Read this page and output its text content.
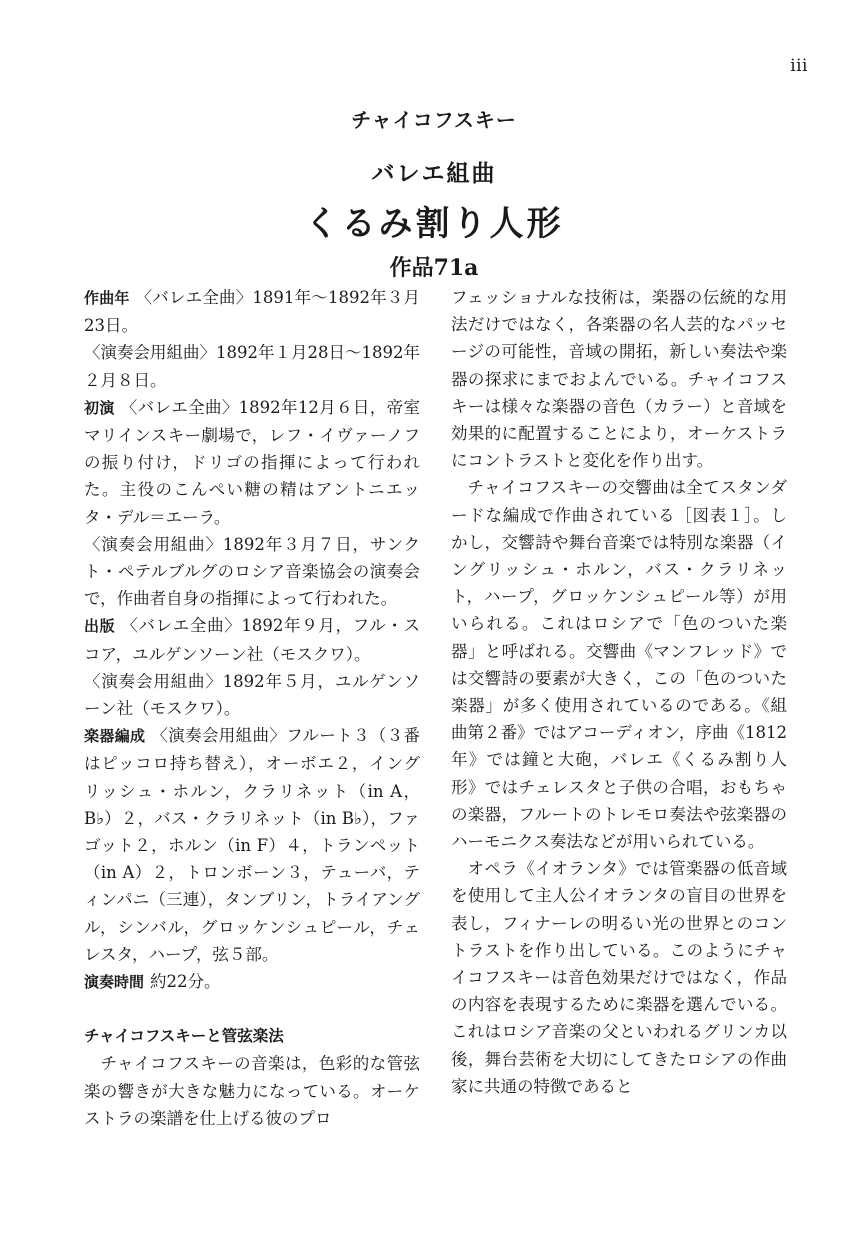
iii
チャイコフスキー
バレエ組曲
くるみ割り人形
作品71a

作曲年 〈バレエ全曲〉1891年〜1892年３月23日。

〈演奏会用組曲〉1892年１月28日〜1892年２月８日。

初演 〈バレエ全曲〉1892年12月６日，帝室マリインスキー劇場で，レフ・イヴァーノフの振り付け，ドリゴの指揮によって行われた。主役のこんぺい糖の精はアントニエッタ・デル＝エーラ。

〈演奏会用組曲〉1892年３月７日，サンクト・ペテルブルグのロシア音楽協会の演奏会で，作曲者自身の指揮によって行われた。

出版 〈バレエ全曲〉1892年９月，フル・スコア，ユルゲンソーン社（モスクワ）。

〈演奏会用組曲〉1892年５月，ユルゲンソーン社（モスクワ）。

楽器編成 〈演奏会用組曲〉フルート３（３番はピッコロ持ち替え），オーボエ２，イングリッシュ・ホルン，クラリネット（in A，B♭）２，バス・クラリネット（in B♭），ファゴット２，ホルン（in F）４，トランペット（in A）２，トロンボーン３，テューバ，ティンパニ（三連），タンブリン，トライアングル，シンバル，グロッケンシュピール，チェレスタ，ハープ，弦５部。

演奏時間 約22分。

チャイコフスキーと管弦楽法

チャイコフスキーの音楽は，色彩的な管弦楽の響きが大きな魅力になっている。オーケストラの楽譜を仕上げる彼のプロ

フェッショナルな技術は，楽器の伝統的な用法だけではなく，各楽器の名人芸的なパッセージの可能性，音域の開拓，新しい奏法や楽器の探求にまでおよんでいる。チャイコフスキーは様々な楽器の音色（カラー）と音域を効果的に配置することにより，オーケストラにコントラストと変化を作り出す。

チャイコフスキーの交響曲は全てスタンダードな編成で作曲されている［図表１］。しかし，交響詩や舞台音楽では特別な楽器（イングリッシュ・ホルン，バス・クラリネット，ハープ，グロッケンシュピール等）が用いられる。これはロシアで「色のついた楽器」と呼ばれる。交響曲《マンフレッド》では交響詩の要素が大きく，この「色のついた楽器」が多く使用されているのである。《組曲第２番》ではアコーディオン，序曲《1812年》では鐘と大砲，バレエ《くるみ割り人形》ではチェレスタと子供の合唱，おもちゃの楽器，フルートのトレモロ奏法や弦楽器のハーモニクス奏法などが用いられている。

オペラ《イオランタ》では管楽器の低音域を使用して主人公イオランタの盲目の世界を表し，フィナーレの明るい光の世界とのコントラストを作り出している。このようにチャイコフスキーは音色効果だけではなく，作品の内容を表現するために楽器を選んでいる。これはロシア音楽の父といわれるグリンカ以後，舞台芸術を大切にしてきたロシアの作曲家に共通の特徴であると
